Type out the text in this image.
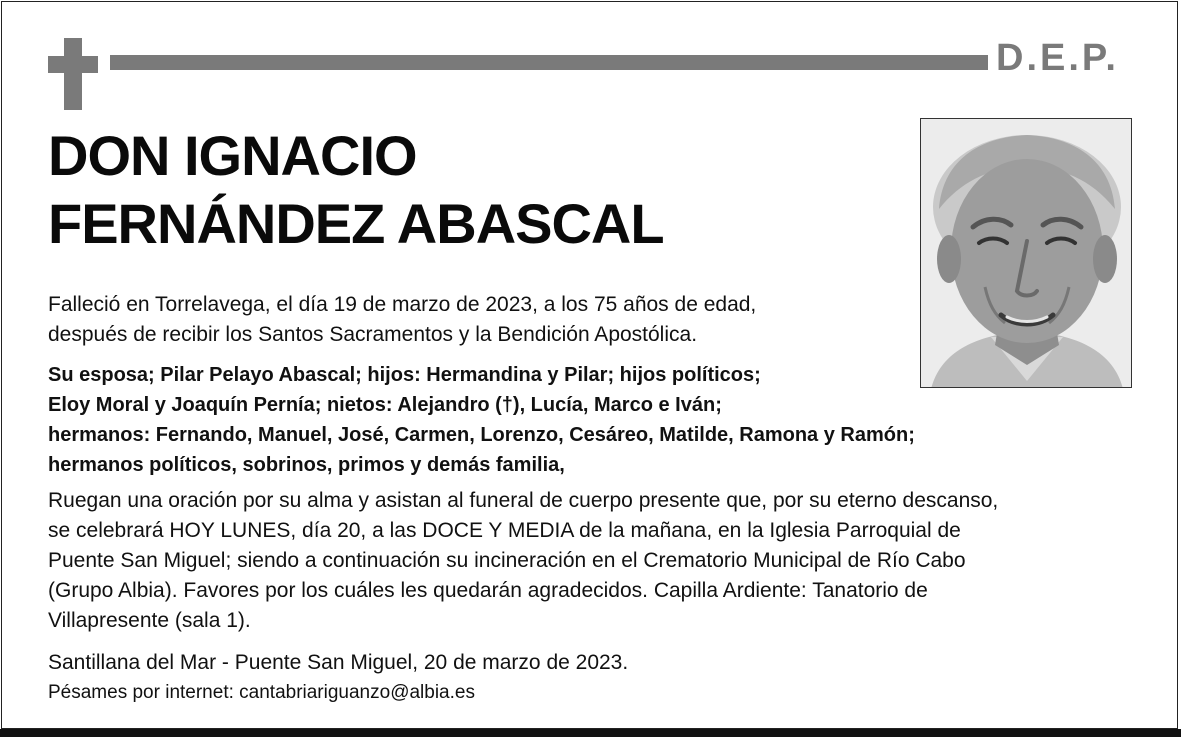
D.E.P.
DON IGNACIO
FERNÁNDEZ ABASCAL
Falleció en Torrelavega, el día 19 de marzo de 2023, a los 75 años de edad,
después de recibir los Santos Sacramentos y la Bendición Apostólica.
Su esposa; Pilar Pelayo Abascal; hijos: Hermandina y Pilar; hijos políticos;
Eloy Moral y Joaquín Pernía; nietos: Alejandro (†), Lucía, Marco e Iván;
hermanos: Fernando, Manuel, José, Carmen, Lorenzo, Cesáreo, Matilde, Ramona y Ramón;
hermanos políticos, sobrinos, primos y demás familia,
Ruegan una oración por su alma y asistan al funeral de cuerpo presente que, por su eterno descanso,
se celebrará HOY LUNES, día 20, a las DOCE Y MEDIA de la mañana, en la Iglesia Parroquial de
Puente San Miguel; siendo a continuación su incineración en el Crematorio Municipal de Río Cabo
(Grupo Albia). Favores por los cuáles les quedarán agradecidos. Capilla Ardiente: Tanatorio de
Villapresente (sala 1).
Santillana del Mar - Puente San Miguel, 20 de marzo de 2023.
Pésames por internet: cantabriariguanzo@albia.es
